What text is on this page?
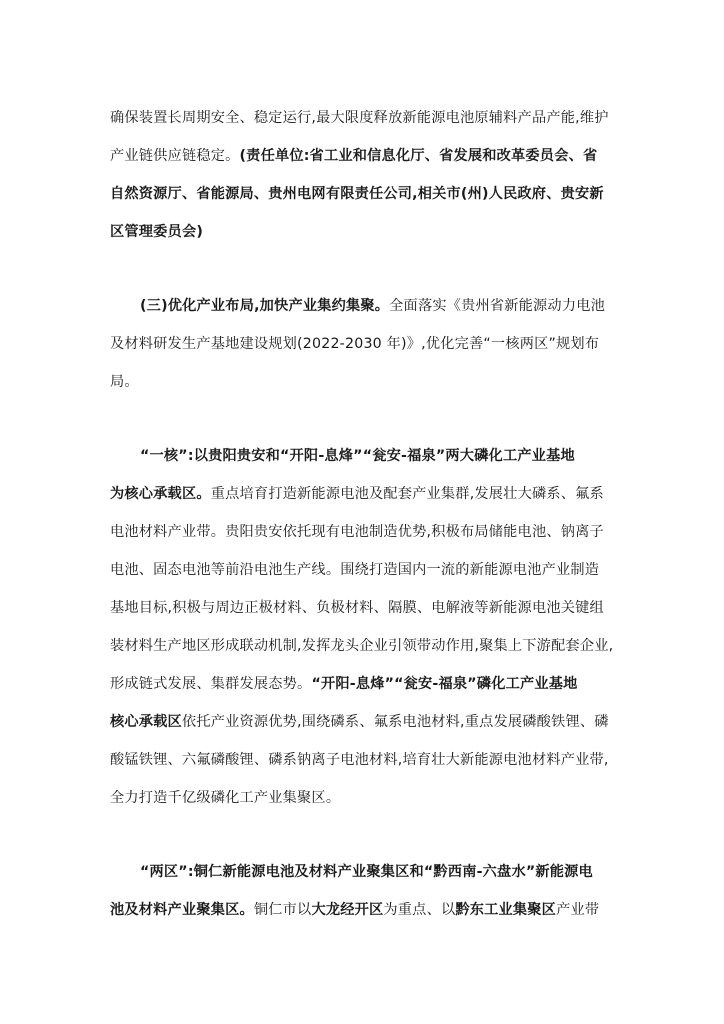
确保装置长周期安全、稳定运行,最大限度释放新能源电池原辅料产品产能,维护
产业链供应链稳定。(责任单位:省工业和信息化厅、省发展和改革委员会、省
自然资源厅、省能源局、贵州电网有限责任公司,相关市(州)人民政府、贵安新
区管理委员会)
(三)优化产业布局,加快产业集约集聚。全面落实《贵州省新能源动力电池
及材料研发生产基地建设规划(2022-2030 年)》,优化完善“一核两区”规划布
局。
“一核”:以贵阳贵安和“开阳-息烽”“瓮安-福泉”两大磷化工产业基地
为核心承载区。重点培育打造新能源电池及配套产业集群,发展壮大磷系、氟系
电池材料产业带。贵阳贵安依托现有电池制造优势,积极布局储能电池、钠离子
电池、固态电池等前沿电池生产线。围绕打造国内一流的新能源电池产业制造
基地目标,积极与周边正极材料、负极材料、隔膜、电解液等新能源电池关键组
装材料生产地区形成联动机制,发挥龙头企业引领带动作用,聚集上下游配套企业,
形成链式发展、集群发展态势。“开阳-息烽”“瓮安-福泉”磷化工产业基地
核心承载区依托产业资源优势,围绕磷系、氟系电池材料,重点发展磷酸铁锂、磷
酸锰铁锂、六氟磷酸锂、磷系钠离子电池材料,培育壮大新能源电池材料产业带,
全力打造千亿级磷化工产业集聚区。
“两区”:铜仁新能源电池及材料产业聚集区和“黔西南-六盘水”新能源电
池及材料产业聚集区。铜仁市以大龙经开区为重点、以黔东工业集聚区产业带
